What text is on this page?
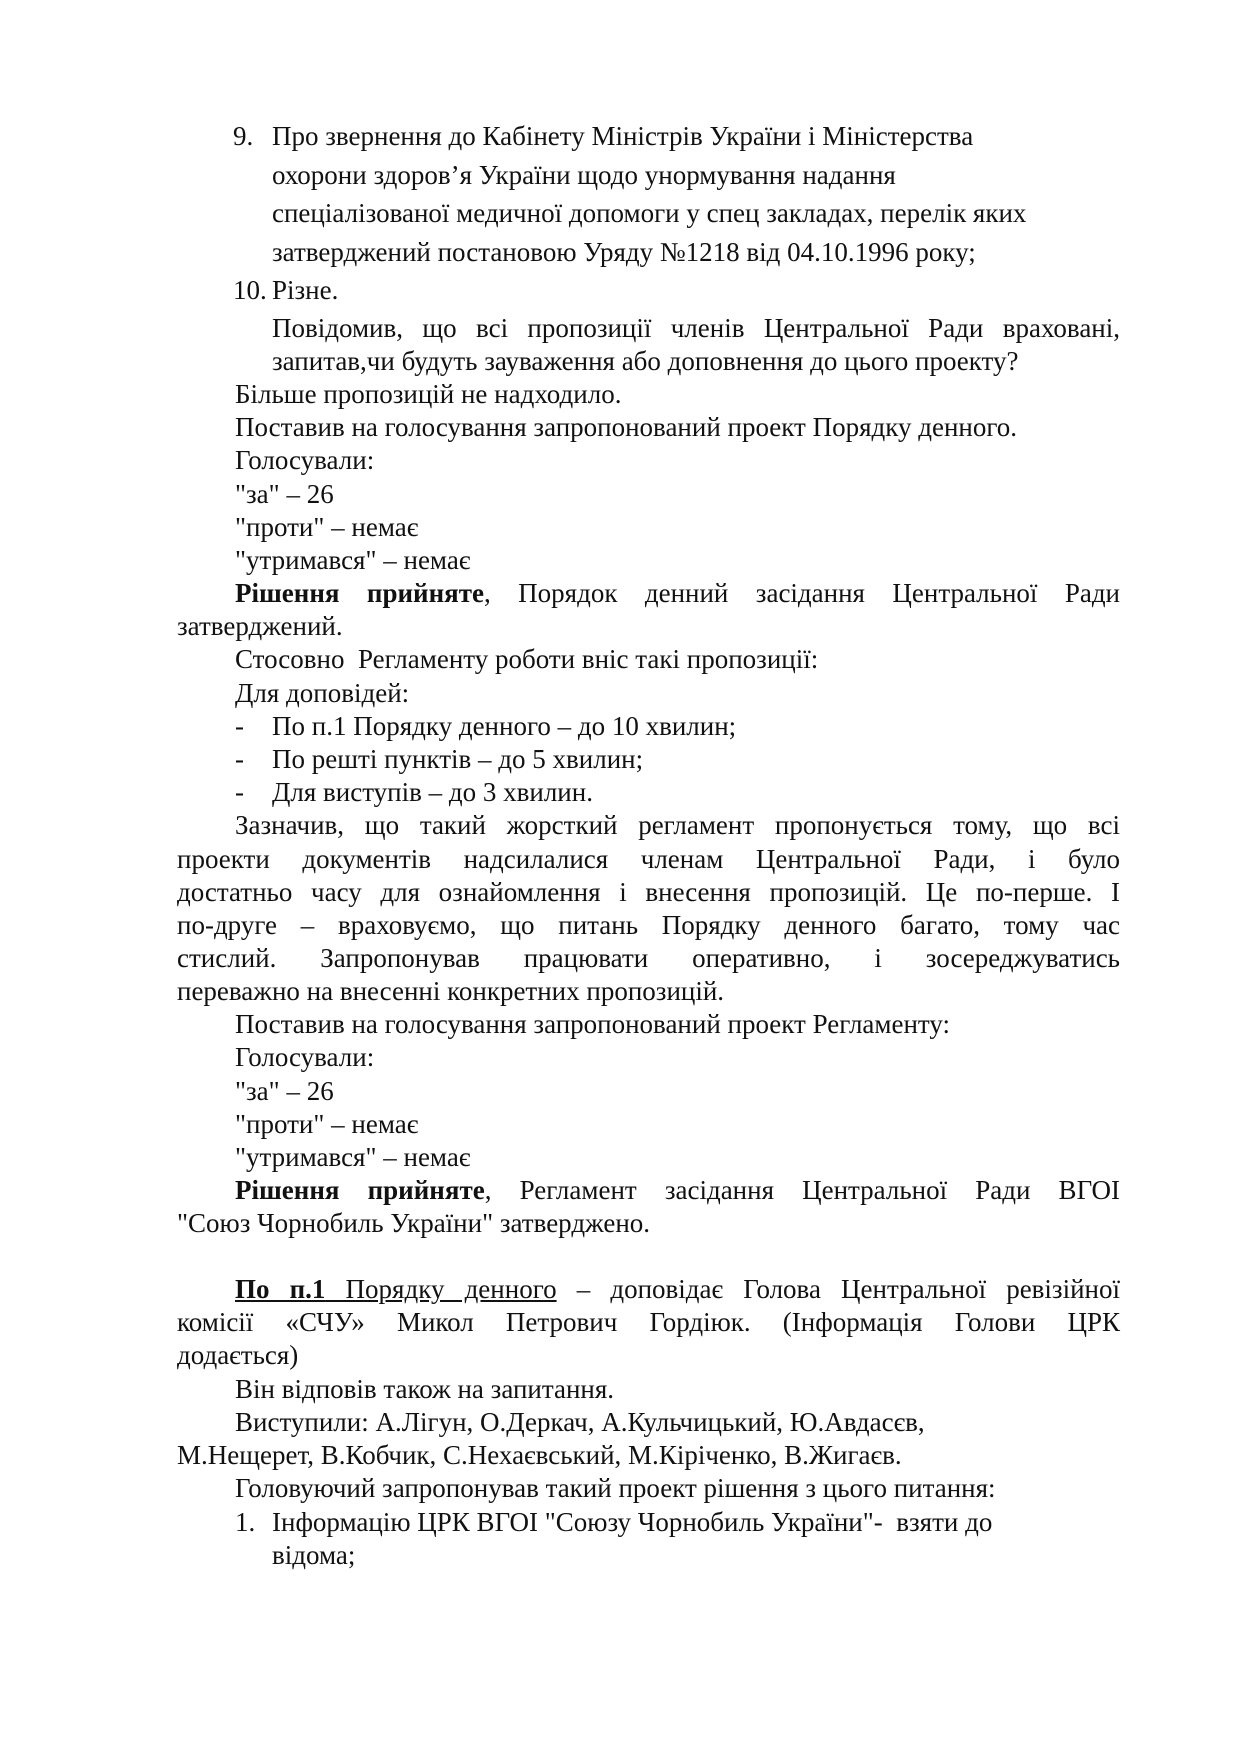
9. Про звернення до Кабінету Міністрів України і Міністерства
охорони здоров’я України щодо унормування надання
спеціалізованої медичної допомоги у спец закладах, перелік яких
затверджений постановою Уряду №1218 від 04.10.1996 року;
10. Різне.
Повідомив, що всі пропозиції членів Центральної Ради враховані,
запитав,чи будуть зауваження або доповнення до цього проекту?
Більше пропозицій не надходило.
Поставив на голосування запропонований проект Порядку денного.
Голосували:
"за" – 26
"проти" – немає
"утримався" – немає
Рішення прийняте, Порядок денний засідання Центральної Ради
затверджений.
Стосовно  Регламенту роботи вніс такі пропозиції:
Для доповідей:
- По п.1 Порядку денного – до 10 хвилин;
- По решті пунктів – до 5 хвилин;
- Для виступів – до 3 хвилин.
Зазначив, що такий жорсткий регламент пропонується тому, що всі
проекти документів надсилалися членам Центральної Ради, і було
достатньо часу для ознайомлення і внесення пропозицій. Це по-перше. І
по-друге – враховуємо, що питань Порядку денного багато, тому час
стислий. Запропонував працювати оперативно, і зосереджуватись
переважно на внесенні конкретних пропозицій.
Поставив на голосування запропонований проект Регламенту:
Голосували:
"за" – 26
"проти" – немає
"утримався" – немає
Рішення прийняте, Регламент засідання Центральної Ради ВГОІ
"Союз Чорнобиль України" затверджено.
По п.1 Порядку денного – доповідає Голова Центральної ревізійної
комісії «СЧУ» Микол Петрович Гордіюк. (Інформація Голови ЦРК
додається)
Він відповів також на запитання.
Виступили: А.Лігун, О.Деркач, А.Кульчицький, Ю.Авдасєв,
М.Нещерет, В.Кобчик, С.Нехаєвський, М.Кіріченко, В.Жигаєв.
Головуючий запропонував такий проект рішення з цього питання:
1. Інформацію ЦРК ВГОІ "Союзу Чорнобиль України"-  взяти до
відома;
